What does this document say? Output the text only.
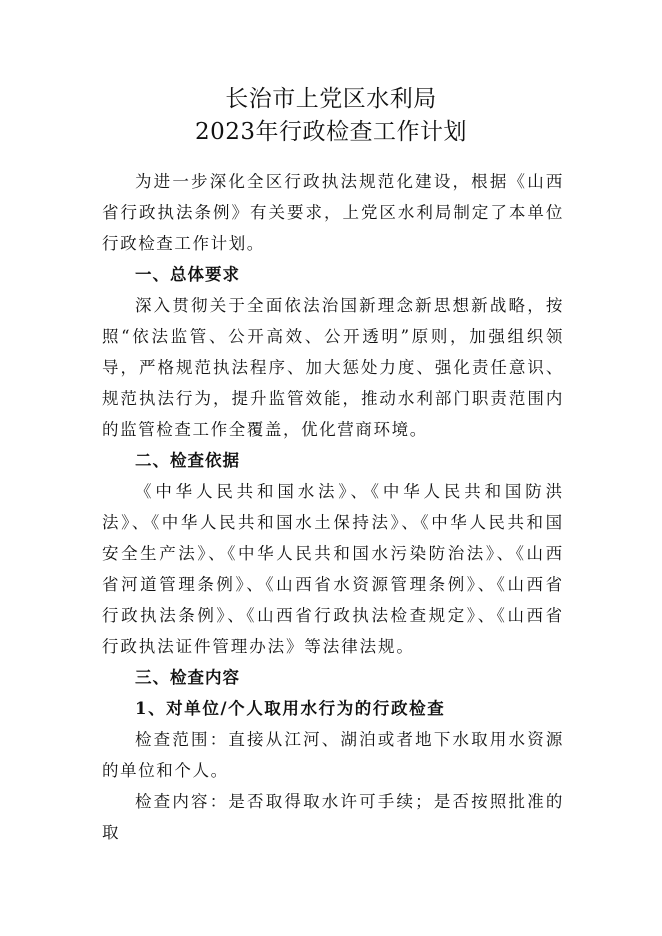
长治市上党区水利局
2023年行政检查工作计划

为进一步深化全区行政执法规范化建设，根据《山西省行政执法条例》有关要求，上党区水利局制定了本单位行政检查工作计划。

一、总体要求

深入贯彻关于全面依法治国新理念新思想新战略，按照“依法监管、公开高效、公开透明”原则，加强组织领导，严格规范执法程序、加大惩处力度、强化责任意识、规范执法行为，提升监管效能，推动水利部门职责范围内的监管检查工作全覆盖，优化营商环境。

二、检查依据

《中华人民共和国水法》、《中华人民共和国防洪法》、《中华人民共和国水土保持法》、《中华人民共和国安全生产法》、《中华人民共和国水污染防治法》、《山西省河道管理条例》、《山西省水资源管理条例》、《山西省行政执法条例》、《山西省行政执法检查规定》、《山西省行政执法证件管理办法》等法律法规。

三、检查内容

1、对单位/个人取用水行为的行政检查

检查范围：直接从江河、湖泊或者地下水取用水资源的单位和个人。

检查内容：是否取得取水许可手续；是否按照批准的取
